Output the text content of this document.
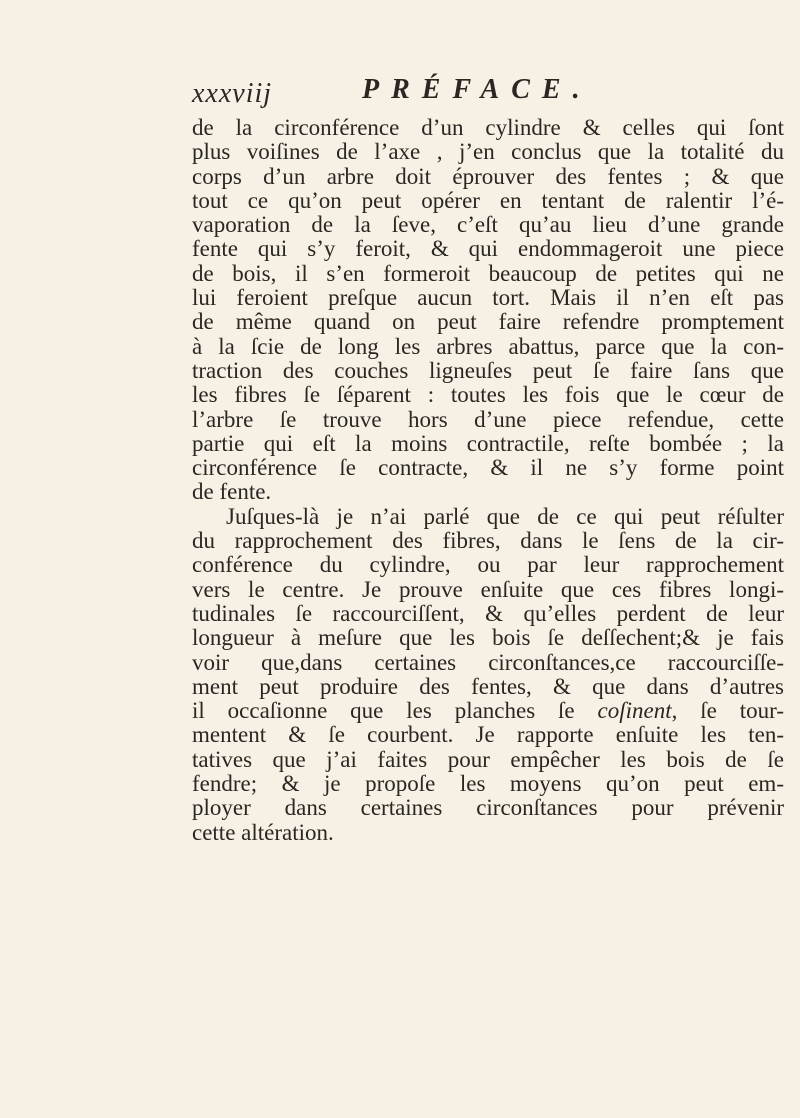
xxxviij	PRÉFACE.
de la circonférence d’un cylindre & celles qui ſont
plus voiſines de l’axe , j’en conclus que la totalité du
corps d’un arbre doit éprouver des fentes ; & que
tout ce qu’on peut opérer en tentant de ralentir l’é-
vaporation de la ſeve, c’eſt qu’au lieu d’une grande
fente qui s’y feroit, & qui endommageroit une piece
de bois, il s’en formeroit beaucoup de petites qui ne
lui feroient preſque aucun tort. Mais il n’en eſt pas
de même quand on peut faire refendre promptement
à la ſcie de long les arbres abattus, parce que la con-
traction des couches ligneuſes peut ſe faire ſans que
les fibres ſe ſéparent : toutes les fois que le cœur de
l’arbre ſe trouve hors d’une piece refendue, cette
partie qui eſt la moins contractile, reſte bombée ; la
circonférence ſe contracte, & il ne s’y forme point
de fente.
Juſques-là je n’ai parlé que de ce qui peut réſulter
du rapprochement des fibres, dans le ſens de la cir-
conférence du cylindre, ou par leur rapprochement
vers le centre. Je prouve enſuite que ces fibres longi-
tudinales ſe raccourciſſent, & qu’elles perdent de leur
longueur à meſure que les bois ſe deſſechent;& je fais
voir que,dans certaines circonſtances,ce raccourciſſe-
ment peut produire des fentes, & que dans d’autres
il occaſionne que les planches ſe coſinent, ſe tour-
mentent & ſe courbent. Je rapporte enſuite les ten-
tatives que j’ai faites pour empêcher les bois de ſe
fendre; & je propoſe les moyens qu’on peut em-
ployer dans certaines circonſtances pour prévenir
cette altération.
